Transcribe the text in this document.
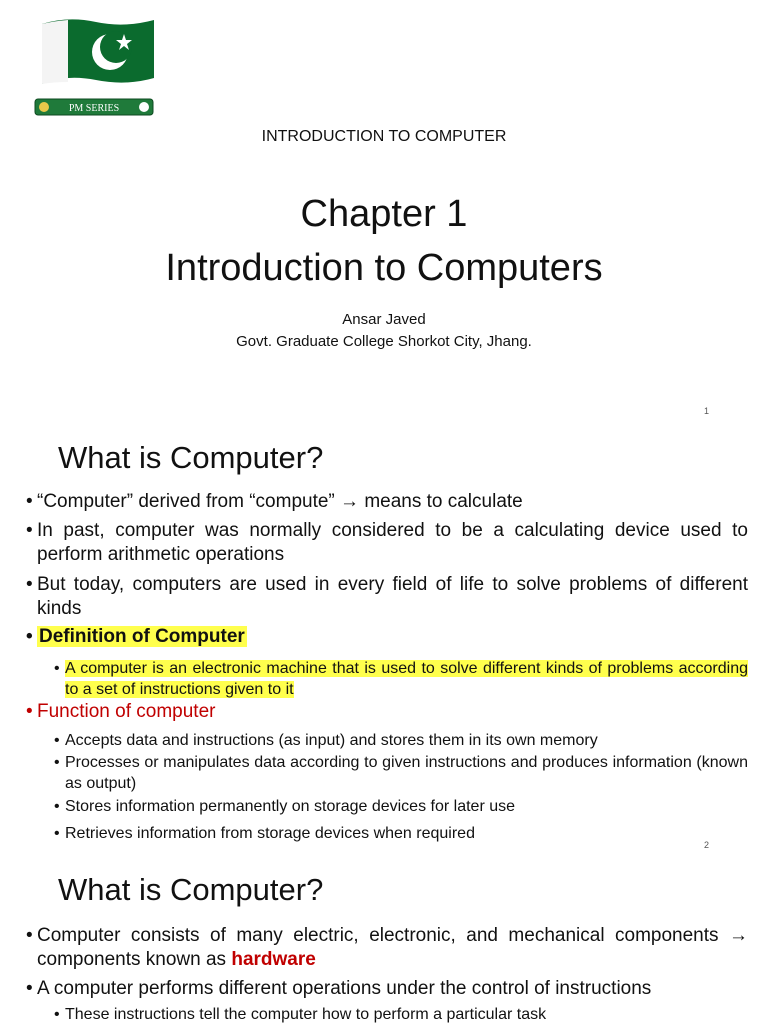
PM SERIES
INTRODUCTION TO COMPUTER
Chapter 1
Introduction to Computers
Ansar Javed
Govt. Graduate College Shorkot City, Jhang.
1
What is Computer?
• “Computer” derived from “compute” → means to calculate
• In past, computer was normally considered to be a calculating device used to perform arithmetic operations
• But today, computers are used in every field of life to solve problems of different kinds
• Definition of Computer
• A computer is an electronic machine that is used to solve different kinds of problems according to a set of instructions given to it
• Function of computer
• Accepts data and instructions (as input) and stores them in its own memory
• Processes or manipulates data according to given instructions and produces information (known as output)
• Stores information permanently on storage devices for later use
• Retrieves information from storage devices when required
2
What is Computer?
• Computer consists of many electric, electronic, and mechanical components → components known as hardware
• A computer performs different operations under the control of instructions
• These instructions tell the computer how to perform a particular task
